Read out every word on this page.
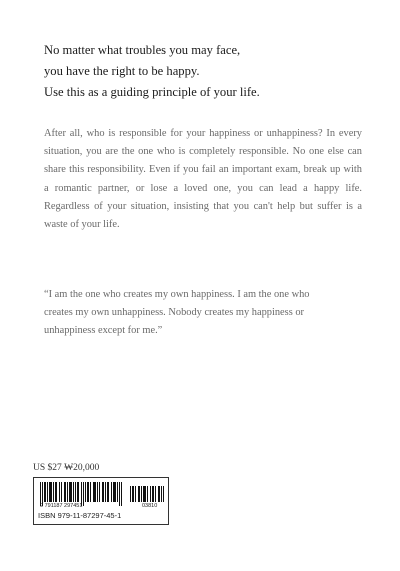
No matter what troubles you may face,
you have the right to be happy.
Use this as a guiding principle of your life.
After all, who is responsible for your happiness or unhappiness? In every situation, you are the one who is completely responsible. No one else can share this responsibility. Even if you fail an important exam, break up with a romantic partner, or lose a loved one, you can lead a happy life. Regardless of your situation, insisting that you can't help but suffer is a waste of your life.
“I am the one who creates my own happiness. I am the one who
creates my own unhappiness. Nobody creates my happiness or
unhappiness except for me.”
US $27 ₩20,000
9 791187 297451	03810
ISBN 979-11-87297-45-1
